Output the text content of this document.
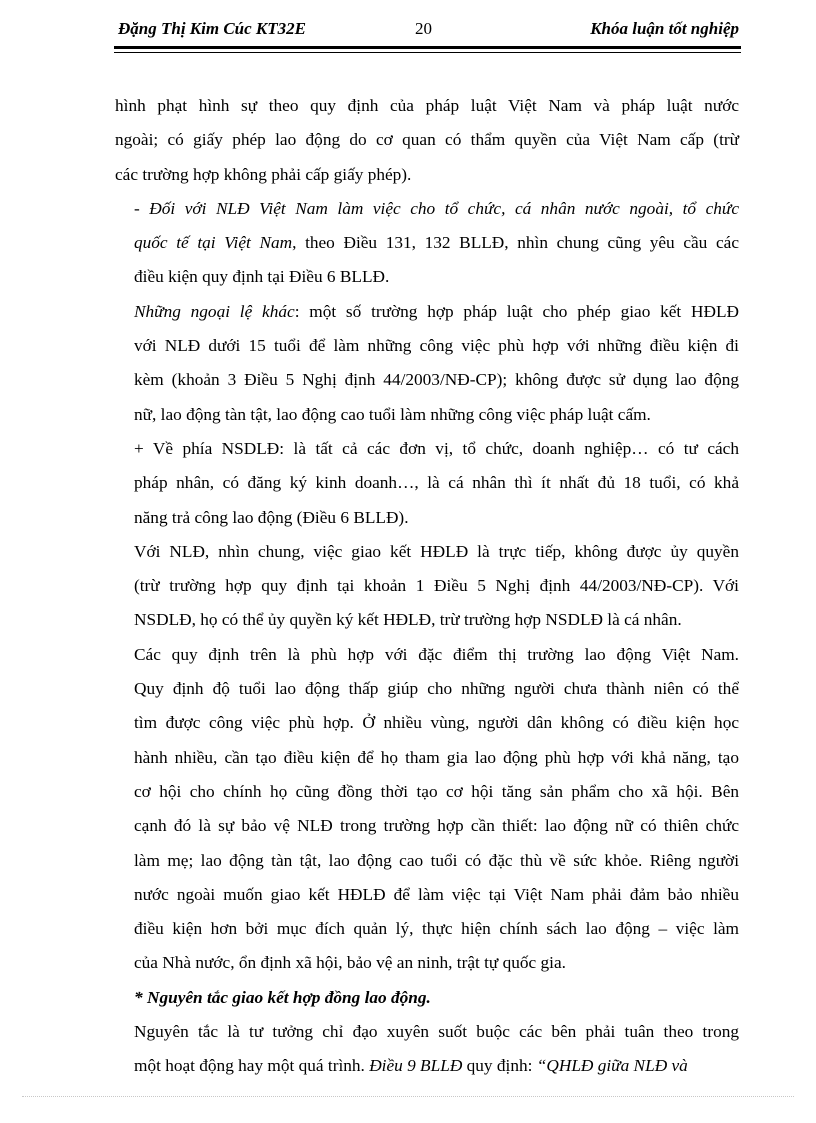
Đặng Thị Kim Cúc KT32E	20	Khóa luận tốt nghiệp

hình phạt hình sự theo quy định của pháp luật Việt Nam và pháp luật nước
ngoài; có giấy phép lao động do cơ quan có thẩm quyền của Việt Nam cấp (trừ
các trường hợp không phải cấp giấy phép).

- Đối với NLĐ Việt Nam làm việc cho tổ chức, cá nhân nước ngoài, tổ chức
quốc tế tại Việt Nam, theo Điều 131, 132 BLLĐ, nhìn chung cũng yêu cầu các
điều kiện quy định tại Điều 6 BLLĐ.

Những ngoại lệ khác: một số trường hợp pháp luật cho phép giao kết HĐLĐ
với NLĐ dưới 15 tuổi để làm những công việc phù hợp với những điều kiện đi
kèm (khoản 3 Điều 5 Nghị định 44/2003/NĐ-CP); không được sử dụng lao động
nữ, lao động tàn tật, lao động cao tuổi làm những công việc pháp luật cấm.

+ Về phía NSDLĐ: là tất cả các đơn vị, tổ chức, doanh nghiệp… có tư cách
pháp nhân, có đăng ký kinh doanh…, là cá nhân thì ít nhất đủ 18 tuổi, có khả
năng trả công lao động (Điều 6 BLLĐ).

Với NLĐ, nhìn chung, việc giao kết HĐLĐ là trực tiếp, không được ủy quyền
(trừ trường hợp quy định tại khoản 1 Điều 5 Nghị định 44/2003/NĐ-CP). Với
NSDLĐ, họ có thể ủy quyền ký kết HĐLĐ, trừ trường hợp NSDLĐ là cá nhân.

Các quy định trên là phù hợp với đặc điểm thị trường lao động Việt Nam.
Quy định độ tuổi lao động thấp giúp cho những người chưa thành niên có thể
tìm được công việc phù hợp. Ở nhiều vùng, người dân không có điều kiện học
hành nhiều, cần tạo điều kiện để họ tham gia lao động phù hợp với khả năng, tạo
cơ hội cho chính họ cũng đồng thời tạo cơ hội tăng sản phẩm cho xã hội. Bên
cạnh đó là sự bảo vệ NLĐ trong trường hợp cần thiết: lao động nữ có thiên chức
làm mẹ; lao động tàn tật, lao động cao tuổi có đặc thù về sức khỏe. Riêng người
nước ngoài muốn giao kết HĐLĐ để làm việc tại Việt Nam phải đảm bảo nhiều
điều kiện hơn bởi mục đích quản lý, thực hiện chính sách lao động – việc làm
của Nhà nước, ổn định xã hội, bảo vệ an ninh, trật tự quốc gia.

* Nguyên tắc giao kết hợp đồng lao động.

Nguyên tắc là tư tưởng chỉ đạo xuyên suốt buộc các bên phải tuân theo trong
một hoạt động hay một quá trình. Điều 9 BLLĐ quy định: “QHLĐ giữa NLĐ và
